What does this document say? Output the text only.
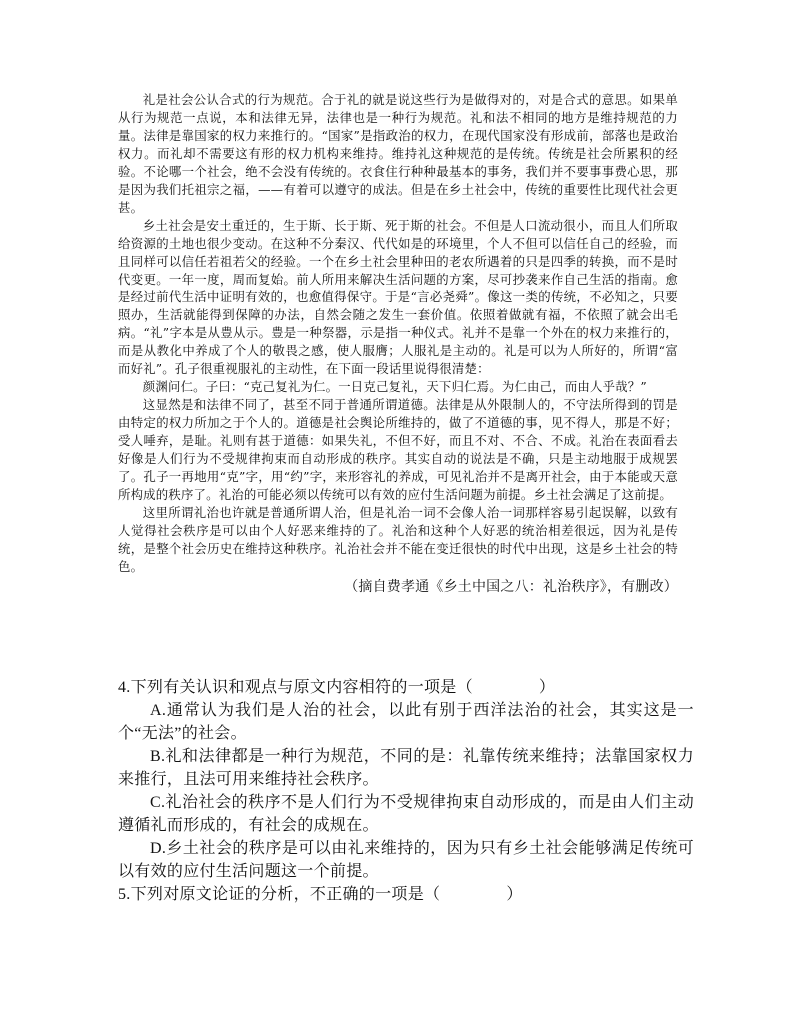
礼是社会公认合式的行为规范。合于礼的就是说这些行为是做得对的，对是合式的意思。如果单从行为规范一点说，本和法律无异，法律也是一种行为规范。礼和法不相同的地方是维持规范的力量。法律是靠国家的权力来推行的。“国家”是指政治的权力，在现代国家没有形成前，部落也是政治权力。而礼却不需要这有形的权力机构来维持。维持礼这种规范的是传统。传统是社会所累积的经验。不论哪一个社会，绝不会没有传统的。衣食住行种种最基本的事务，我们并不要事事费心思，那是因为我们托祖宗之福，——有着可以遵守的成法。但是在乡土社会中，传统的重要性比现代社会更甚。

乡土社会是安土重迁的，生于斯、长于斯、死于斯的社会。不但是人口流动很小，而且人们所取给资源的土地也很少变动。在这种不分秦汉、代代如是的环境里，个人不但可以信任自己的经验，而且同样可以信任若祖若父的经验。一个在乡土社会里种田的老农所遇着的只是四季的转换，而不是时代变更。一年一度，周而复始。前人所用来解决生活问题的方案，尽可抄袭来作自己生活的指南。愈是经过前代生活中证明有效的，也愈值得保守。于是“言必尧舜”。像这一类的传统，不必知之，只要照办，生活就能得到保障的办法，自然会随之发生一套价值。依照着做就有福，不依照了就会出毛病。“礼”字本是从豊从示。豊是一种祭器，示是指一种仪式。礼并不是靠一个外在的权力来推行的，而是从教化中养成了个人的敬畏之感，使人服膺；人服礼是主动的。礼是可以为人所好的，所谓“富而好礼”。孔子很重视服礼的主动性，在下面一段话里说得很清楚：

颜渊问仁。子曰：“克己复礼为仁。一日克己复礼，天下归仁焉。为仁由己，而由人乎哉？”

这显然是和法律不同了，甚至不同于普通所谓道德。法律是从外限制人的，不守法所得到的罚是由特定的权力所加之于个人的。道德是社会舆论所维持的，做了不道德的事，见不得人，那是不好；受人唾弃，是耻。礼则有甚于道德：如果失礼，不但不好，而且不对、不合、不成。礼治在表面看去好像是人们行为不受规律拘束而自动形成的秩序。其实自动的说法是不确，只是主动地服于成规罢了。孔子一再地用“克”字，用“约”字，来形容礼的养成，可见礼治并不是离开社会，由于本能或天意所构成的秩序了。礼治的可能必须以传统可以有效的应付生活问题为前提。乡土社会满足了这前提。

这里所谓礼治也许就是普通所谓人治，但是礼治一词不会像人治一词那样容易引起误解，以致有人觉得社会秩序是可以由个人好恶来维持的了。礼治和这种个人好恶的统治相差很远，因为礼是传统，是整个社会历史在维持这种秩序。礼治社会并不能在变迁很快的时代中出现，这是乡土社会的特色。

（摘自费孝通《乡土中国之八：礼治秩序》，有删改）

4.下列有关认识和观点与原文内容相符的一项是（	）

A.通常认为我们是人治的社会，以此有别于西洋法治的社会，其实这是一个“无法”的社会。

B.礼和法律都是一种行为规范，不同的是：礼靠传统来维持；法靠国家权力来推行，且法可用来维持社会秩序。

C.礼治社会的秩序不是人们行为不受规律拘束自动形成的，而是由人们主动遵循礼而形成的，有社会的成规在。

D.乡土社会的秩序是可以由礼来维持的，因为只有乡土社会能够满足传统可以有效的应付生活问题这一个前提。

5.下列对原文论证的分析，不正确的一项是（	）
